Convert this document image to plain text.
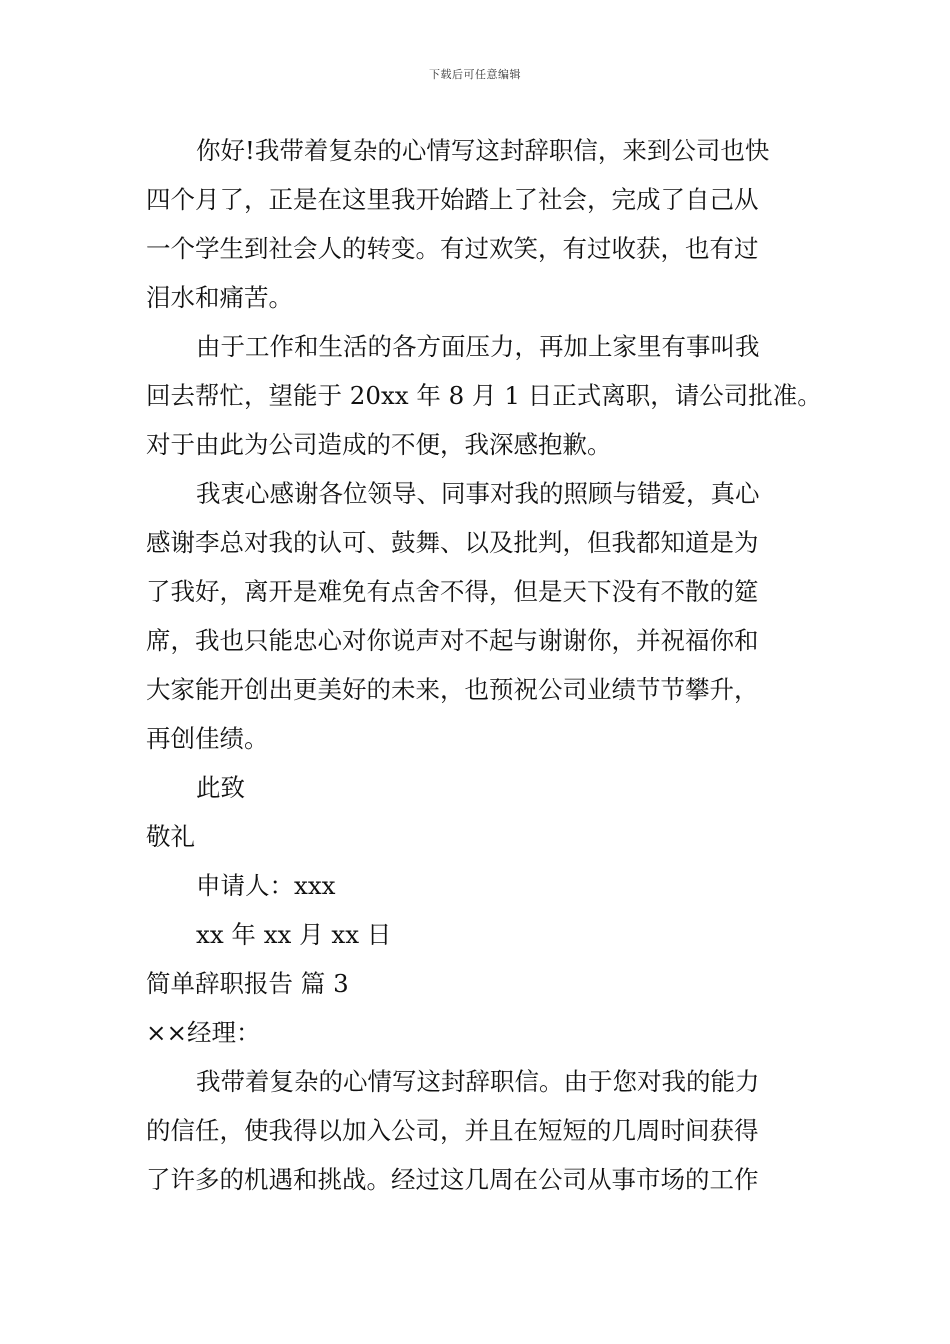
下载后可任意编辑
你好!我带着复杂的心情写这封辞职信，来到公司也快
四个月了，正是在这里我开始踏上了社会，完成了自己从
一个学生到社会人的转变。有过欢笑，有过收获，也有过
泪水和痛苦。
由于工作和生活的各方面压力，再加上家里有事叫我
回去帮忙，望能于 20xx 年 8 月 1 日正式离职，请公司批准。
对于由此为公司造成的不便，我深感抱歉。
我衷心感谢各位领导、同事对我的照顾与错爱，真心
感谢李总对我的认可、鼓舞、以及批判，但我都知道是为
了我好，离开是难免有点舍不得，但是天下没有不散的筵
席，我也只能忠心对你说声对不起与谢谢你，并祝福你和
大家能开创出更美好的未来，也预祝公司业绩节节攀升，
再创佳绩。
此致
敬礼
申请人：xxx
xx 年 xx 月 xx 日
简单辞职报告 篇 3
××经理：
我带着复杂的心情写这封辞职信。由于您对我的能力
的信任，使我得以加入公司，并且在短短的几周时间获得
了许多的机遇和挑战。经过这几周在公司从事市场的工作
